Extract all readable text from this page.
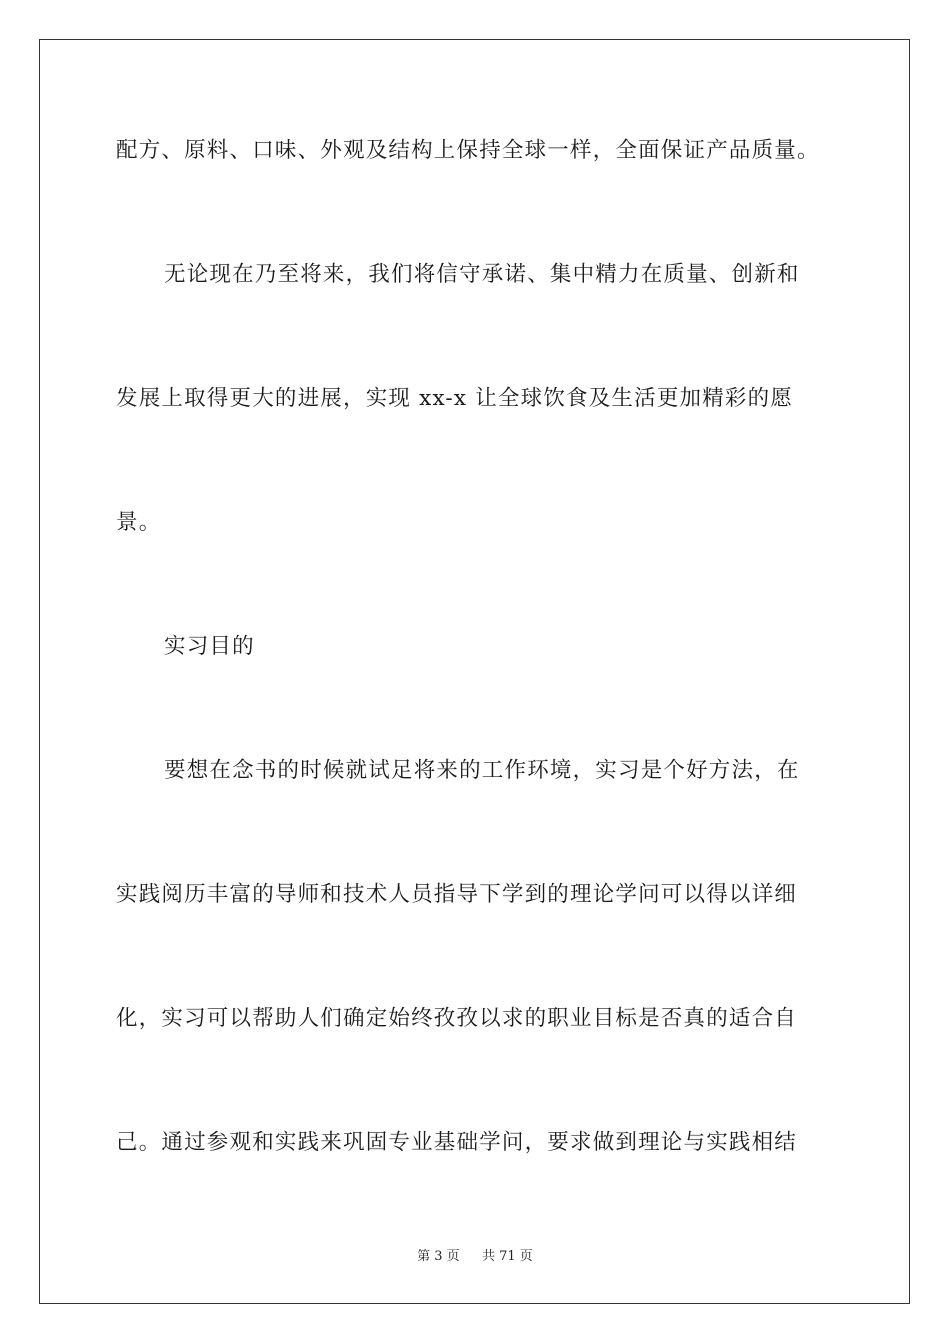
配方、原料、口味、外观及结构上保持全球一样，全面保证产品质量。
无论现在乃至将来，我们将信守承诺、集中精力在质量、创新和
发展上取得更大的进展，实现 xx-x 让全球饮食及生活更加精彩的愿
景。
实习目的
要想在念书的时候就试足将来的工作环境，实习是个好方法，在
实践阅历丰富的导师和技术人员指导下学到的理论学问可以得以详细
化，实习可以帮助人们确定始终孜孜以求的职业目标是否真的适合自
己。通过参观和实践来巩固专业基础学问，要求做到理论与实践相结
第 3 页 共 71 页
